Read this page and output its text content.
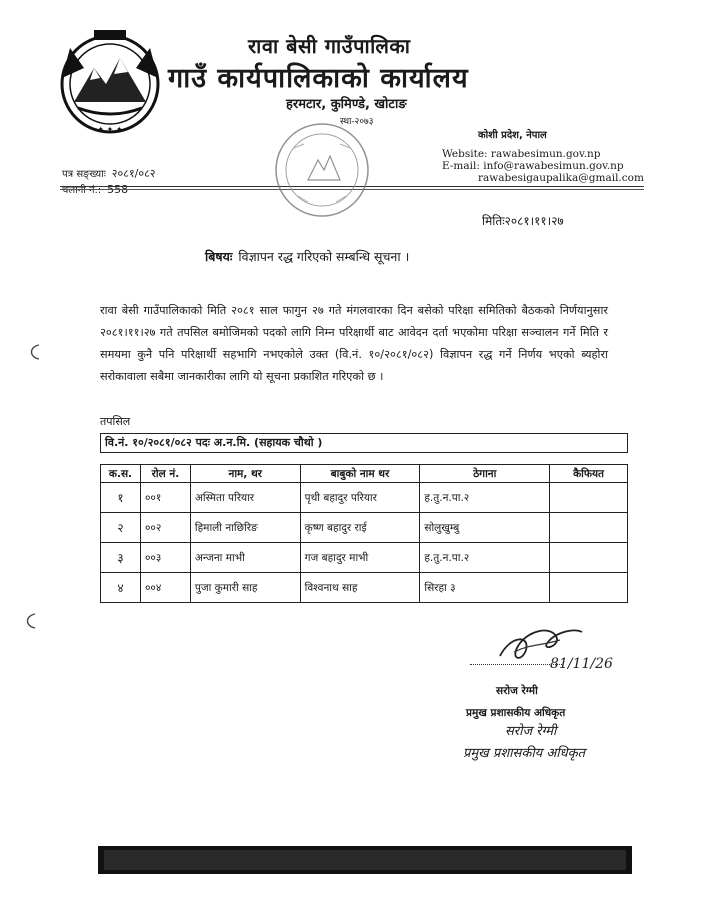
✦ ✦ ✦
रावा बेसी गाउँपालिका
गाउँ कार्यपालिकाको कार्यालय
हरमटार, कुमिण्डे, खोटाङ
स्था-२०७३
कोशी प्रदेश, नेपाल
Website: rawabesimun.gov.np
E-mail: info@rawabesimun.gov.np
rawabesigaupalika@gmail.com
पत्र सङ्ख्याः २०८१/०८२
चलानी नं.: 558
मितिः२०८१।११।२७
बिषयः विज्ञापन रद्ध गरिएको सम्बन्धि सूचना ।
रावा बेसी गाउँपालिकाको मिति २०८१ साल फागुन २७ गते मंगलवारका दिन बसेको परिक्षा समितिको बैठकको निर्णयानुसार २०८१।११।२७ गते तपसिल बमोजिमको पदको लागि निम्न परिक्षार्थी बाट आवेदन दर्ता भएकोमा परिक्षा सञ्चालन गर्ने मिति र समयमा कुनै पनि परिक्षार्थी सहभागि नभएकोले उक्त (वि.नं. १०/२०८१/०८२) विज्ञापन रद्ध गर्ने निर्णय भएको ब्यहोरा सरोकावाला सबैमा जानकारीका लागि यो सूचना प्रकाशित गरिएको छ ।
तपसिल
वि.नं. १०/२०८१/०८२ पदः अ.न.मि. (सहायक चौथो )
क.स.	रोल नं.	नाम, थर	बाबुको नाम थर	ठेगाना	कैफियत
१	००१	अस्मिता परियार	पृथी बहादुर परियार	ह.तु.न.पा.२	
२	००२	हिमाली नाछिरिङ	कृष्ण बहादुर राई	सोलुखुम्बु	
३	००३	अन्जना माभी	गज बहादुर माभी	ह.तु.न.पा.२	
४	००४	पुजा कुमारी साह	विश्वनाथ साह	सिरहा ३	
81/11/26
सरोज रेग्मी
प्रमुख प्रशासकीय अधिकृत
सरोज रेग्मी
प्रमुख प्रशासकीय अधिकृत
